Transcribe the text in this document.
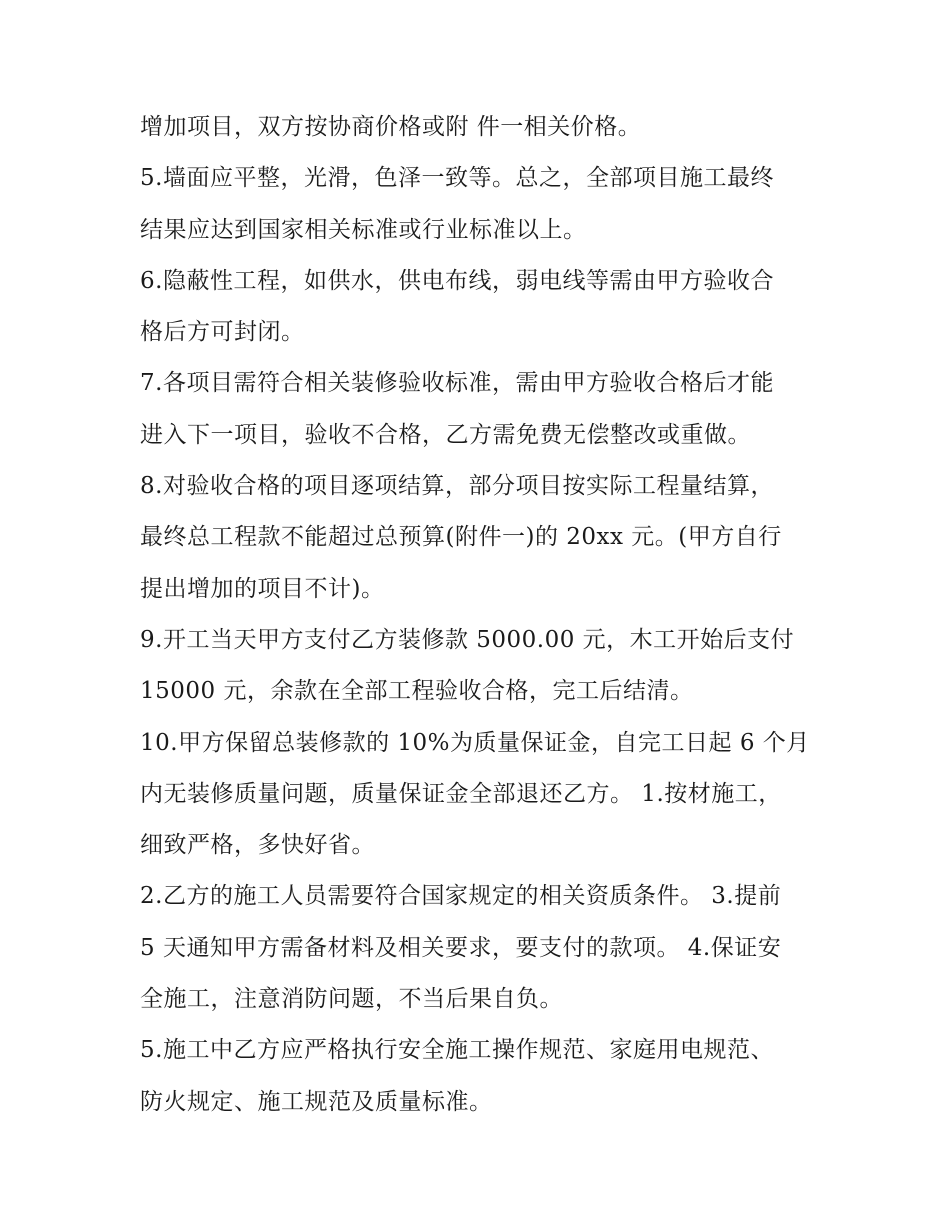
增加项目，双方按协商价格或附 件一相关价格。
5.墙面应平整，光滑，色泽一致等。总之，全部项目施工最终
结果应达到国家相关标准或行业标准以上。
6.隐蔽性工程，如供水，供电布线，弱电线等需由甲方验收合
格后方可封闭。
7.各项目需符合相关装修验收标准，需由甲方验收合格后才能
进入下一项目，验收不合格，乙方需免费无偿整改或重做。
8.对验收合格的项目逐项结算，部分项目按实际工程量结算，
最终总工程款不能超过总预算(附件一)的 20xx 元。(甲方自行
提出增加的项目不计)。
9.开工当天甲方支付乙方装修款 5000.00 元，木工开始后支付
15000 元，余款在全部工程验收合格，完工后结清。
10.甲方保留总装修款的 10%为质量保证金，自完工日起 6 个月
内无装修质量问题，质量保证金全部退还乙方。 1.按材施工，
细致严格，多快好省。
2.乙方的施工人员需要符合国家规定的相关资质条件。 3.提前
5 天通知甲方需备材料及相关要求，要支付的款项。 4.保证安
全施工，注意消防问题，不当后果自负。
5.施工中乙方应严格执行安全施工操作规范、家庭用电规范、
防火规定、施工规范及质量标准。
